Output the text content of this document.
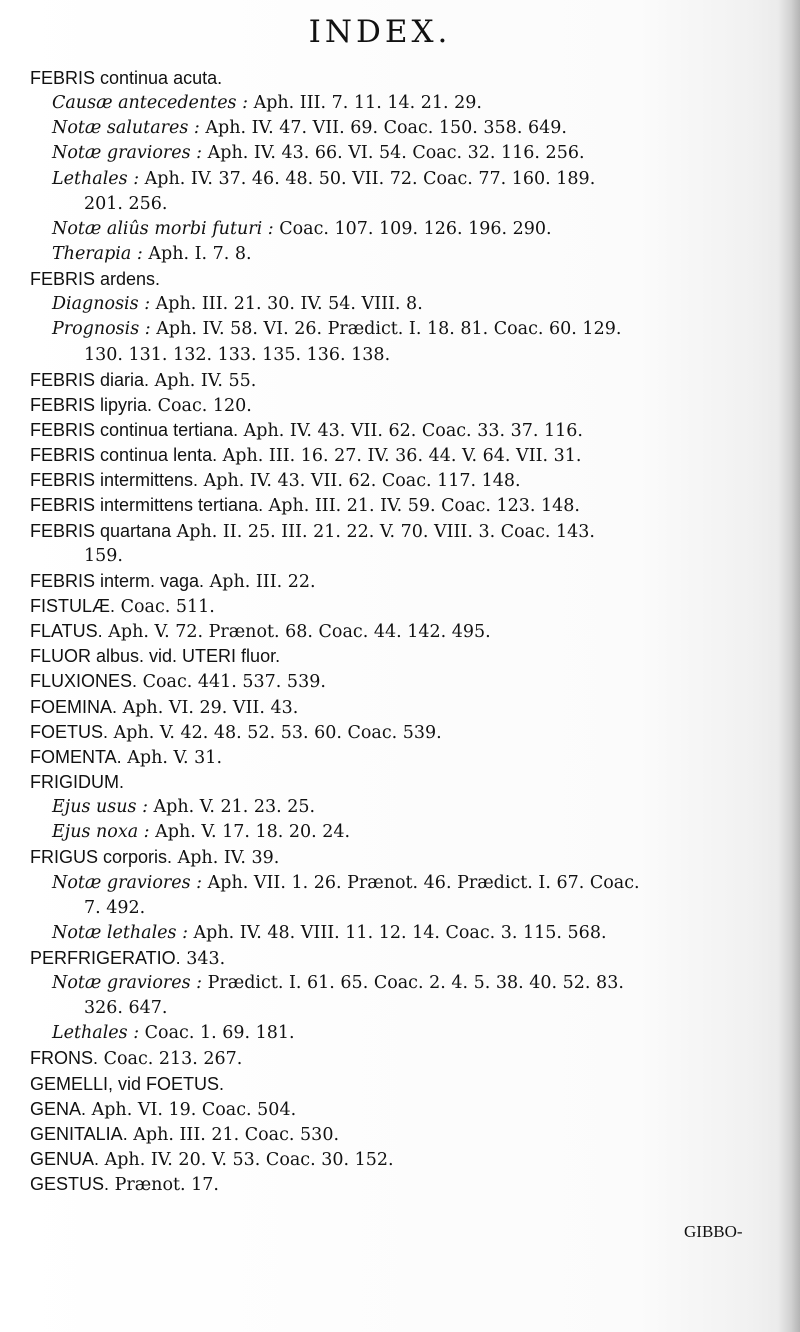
INDEX.
FEBRIS continua acuta.
Causæ antecedentes : Aph. III. 7. 11. 14. 21. 29.
Notæ salutares : Aph. IV. 47. VII. 69. Coac. 150. 358. 649.
Notæ graviores : Aph. IV. 43. 66. VI. 54. Coac. 32. 116. 256.
Lethales : Aph. IV. 37. 46. 48. 50. VII. 72. Coac. 77. 160. 189.
201. 256.
Notæ aliûs morbi futuri : Coac. 107. 109. 126. 196. 290.
Therapia : Aph. I. 7. 8.
FEBRIS ardens.
Diagnosis : Aph. III. 21. 30. IV. 54. VIII. 8.
Prognosis : Aph. IV. 58. VI. 26. Prædict. I. 18. 81. Coac. 60. 129.
130. 131. 132. 133. 135. 136. 138.
FEBRIS diaria. Aph. IV. 55.
FEBRIS lipyria. Coac. 120.
FEBRIS continua tertiana. Aph. IV. 43. VII. 62. Coac. 33. 37. 116.
FEBRIS continua lenta. Aph. III. 16. 27. IV. 36. 44. V. 64. VII. 31.
FEBRIS intermittens. Aph. IV. 43. VII. 62. Coac. 117. 148.
FEBRIS intermittens tertiana. Aph. III. 21. IV. 59. Coac. 123. 148.
FEBRIS quartana Aph. II. 25. III. 21. 22. V. 70. VIII. 3. Coac. 143.
159.
FEBRIS interm. vaga. Aph. III. 22.
FISTULÆ. Coac. 511.
FLATUS. Aph. V. 72. Prænot. 68. Coac. 44. 142. 495.
FLUOR albus. vid. UTERI fluor.
FLUXIONES. Coac. 441. 537. 539.
FOEMINA. Aph. VI. 29. VII. 43.
FOETUS. Aph. V. 42. 48. 52. 53. 60. Coac. 539.
FOMENTA. Aph. V. 31.
FRIGIDUM.
Ejus usus : Aph. V. 21. 23. 25.
Ejus noxa : Aph. V. 17. 18. 20. 24.
FRIGUS corporis. Aph. IV. 39.
Notæ graviores : Aph. VII. 1. 26. Prænot. 46. Prædict. I. 67. Coac.
7. 492.
Notæ lethales : Aph. IV. 48. VIII. 11. 12. 14. Coac. 3. 115. 568.
PERFRIGERATIO. 343.
Notæ graviores : Prædict. I. 61. 65. Coac. 2. 4. 5. 38. 40. 52. 83.
326. 647.
Lethales : Coac. 1. 69. 181.
FRONS. Coac. 213. 267.
GEMELLI, vid FOETUS.
GENA. Aph. VI. 19. Coac. 504.
GENITALIA. Aph. III. 21. Coac. 530.
GENUA. Aph. IV. 20. V. 53. Coac. 30. 152.
GESTUS. Prænot. 17.
GIBBO-
